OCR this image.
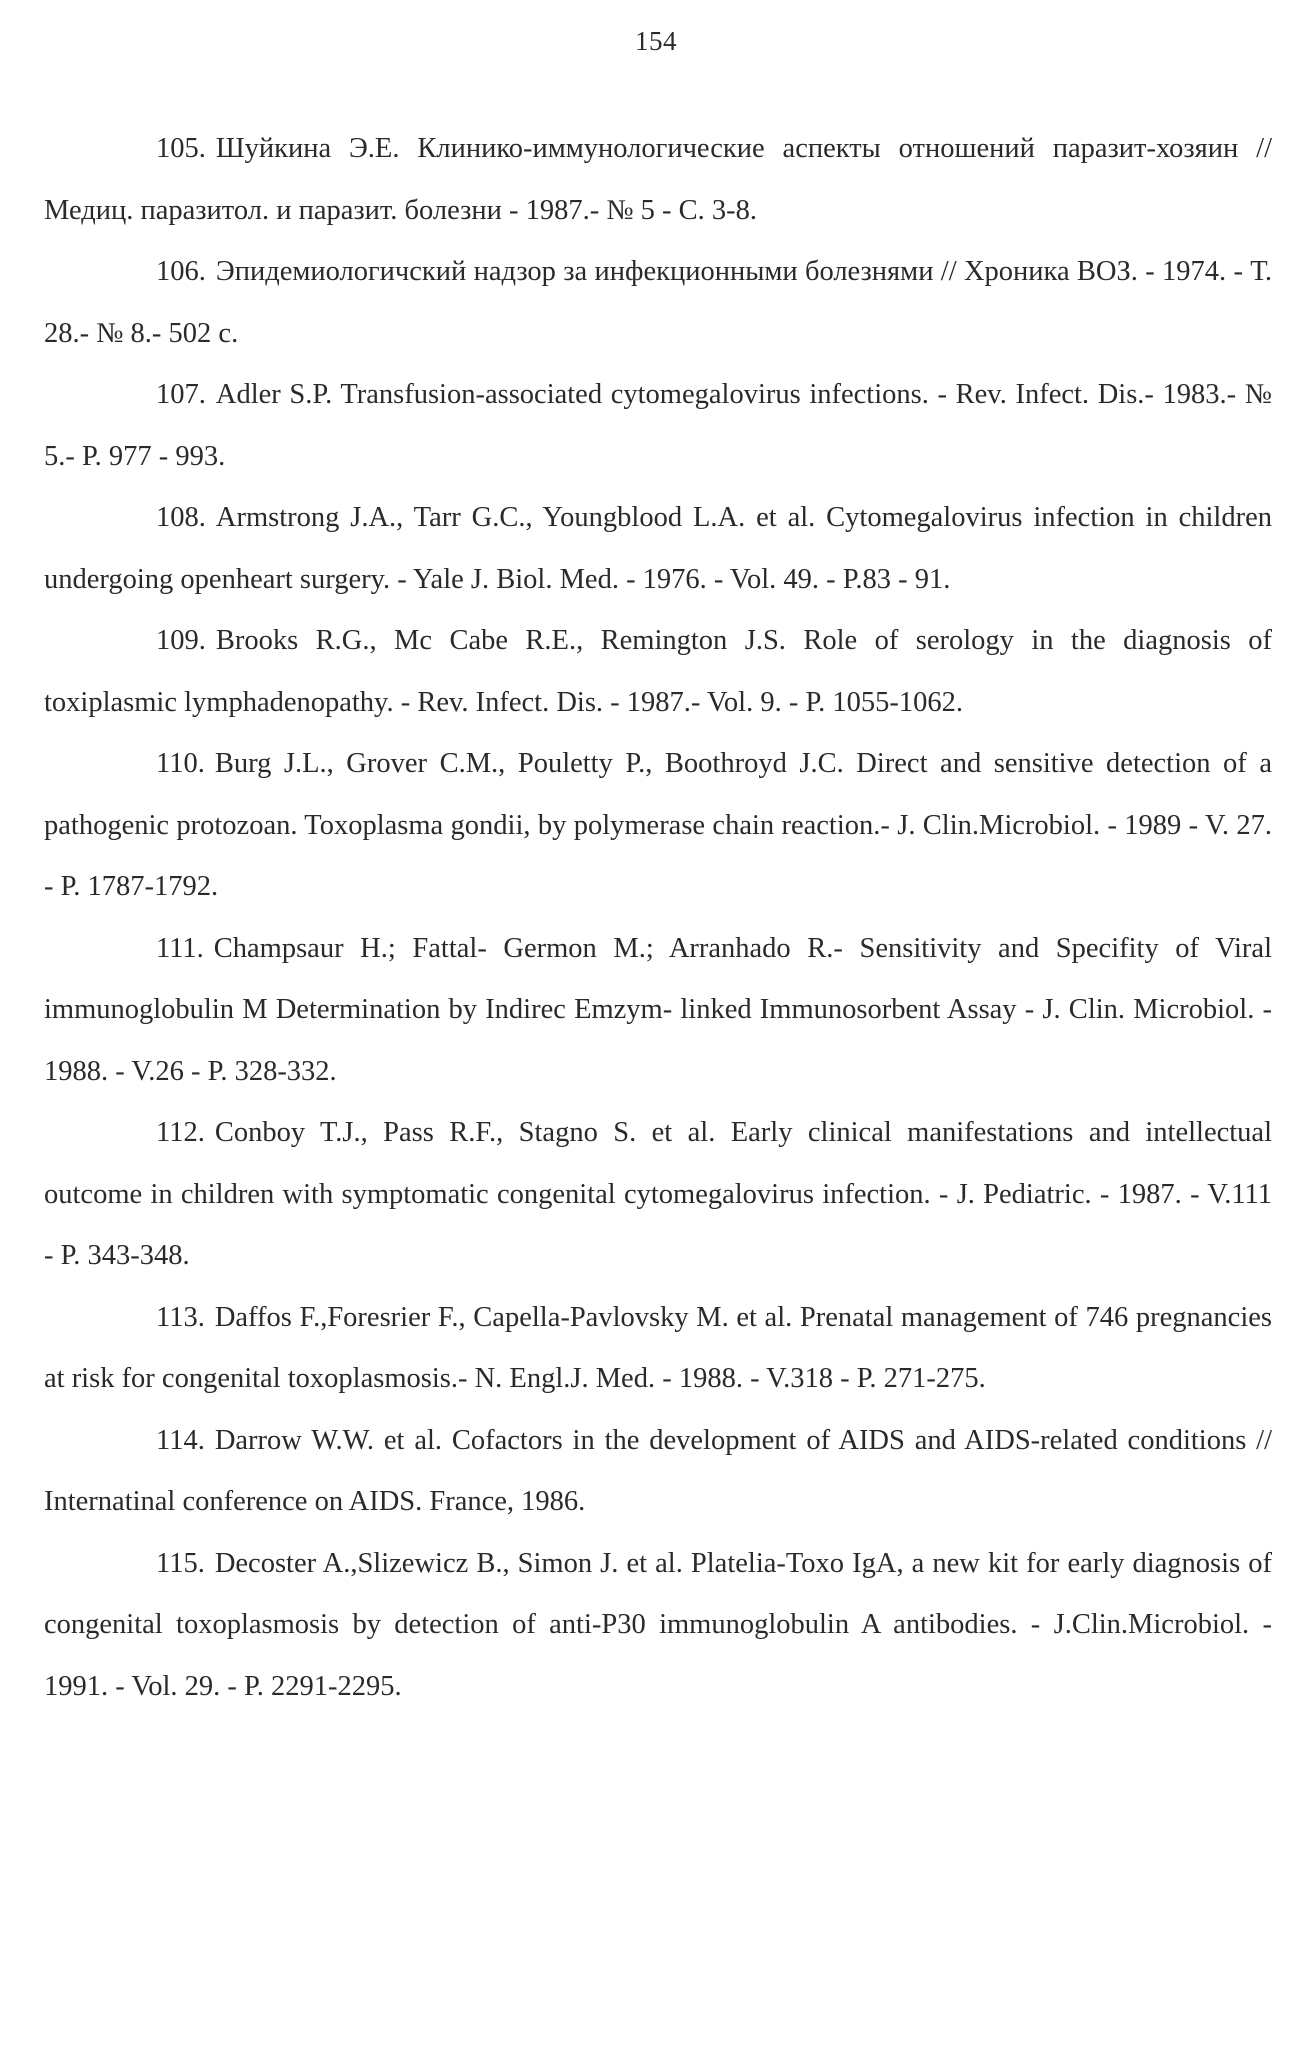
154
105. Шуйкина Э.Е. Клинико-иммунологические аспекты отношений паразит-хозяин // Медиц. паразитол. и паразит. болезни - 1987.- № 5 - С. 3-8.
106. Эпидемиологичский надзор за инфекционными болезнями // Хроника ВОЗ. - 1974. - Т. 28.- № 8.- 502 с.
107. Adler S.P. Transfusion-associated cytomegalovirus infections. - Rev. Infect. Dis.- 1983.- № 5.- P. 977 - 993.
108. Armstrong J.A., Tarr G.C., Youngblood L.A. et al. Cytomegalovirus infection in children undergoing openheart surgery. - Yale J. Biol. Med. - 1976. - Vol. 49. - P.83 - 91.
109. Brooks R.G., Mc Cabe R.E., Remington J.S. Role of serology in the diagnosis of toxiplasmic lymphadenopathy. - Rev. Infect. Dis. - 1987.- Vol. 9. - P. 1055-1062.
110. Burg J.L., Grover C.M., Pouletty P., Boothroyd J.C. Direct and sensitive detection of a pathogenic protozoan. Toxoplasma gondii, by polymerase chain reaction.- J. Clin.Microbiol. - 1989 - V. 27. - P. 1787-1792.
111. Champsaur H.; Fattal- Germon M.; Arranhado R.- Sensitivity and Specifity of Viral immunoglobulin M Determination by Indirec Emzym- linked Immunosorbent Assay - J. Clin. Microbiol. - 1988. - V.26 - P. 328-332.
112. Conboy T.J., Pass R.F., Stagno S. et al. Early clinical manifestations and intellectual outcome in children with symptomatic congenital cytomegalovirus infection. - J. Pediatric. - 1987. - V.111 - P. 343-348.
113. Daffos F.,Foresrier F., Capella-Pavlovsky M. et al. Prenatal management of 746 pregnancies at risk for congenital toxoplasmosis.- N. Engl.J. Med. - 1988. - V.318 - P. 271-275.
114. Darrow W.W. et al. Cofactors in the development of AIDS and AIDS-related conditions // Internatinal conference on AIDS. France, 1986.
115. Decoster A.,Slizewicz B., Simon J. et al. Platelia-Toxo IgA, a new kit for early diagnosis of congenital toxoplasmosis by detection of anti-P30 immunoglobulin A antibodies. - J.Clin.Microbiol. - 1991. - Vol. 29. - P. 2291-2295.
